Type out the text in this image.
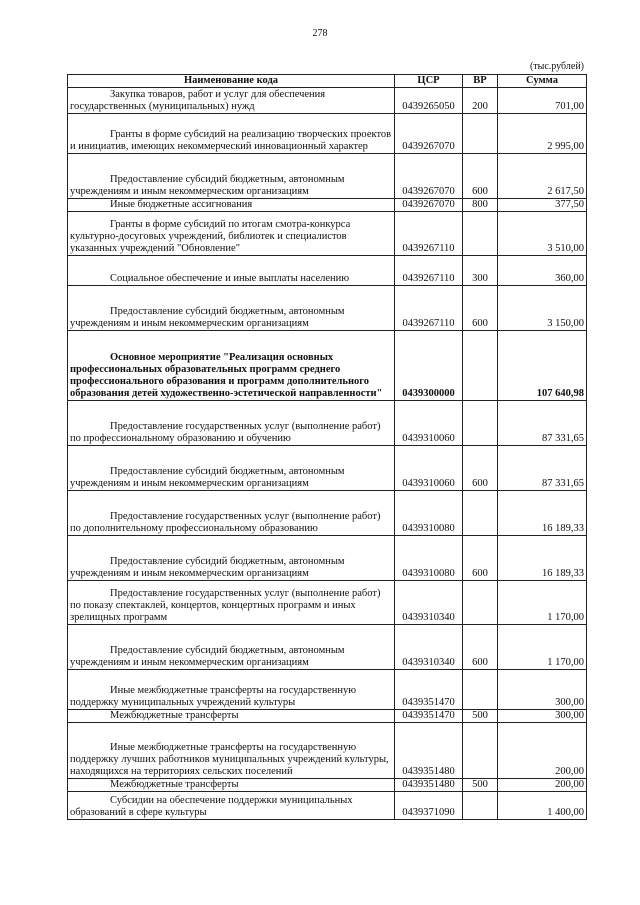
278
(тыс.рублей)
Наименование кода	ЦСР	ВР	Сумма
Закупка товаров, работ и услуг для обеспечения государственных (муниципальных) нужд	0439265050	200	701,00
Гранты в форме субсидий на реализацию творческих проектов и инициатив, имеющих некоммерческий инновационный характер	0439267070		2 995,00
Предоставление субсидий бюджетным, автономным учреждениям и иным некоммерческим организациям	0439267070	600	2 617,50
Иные бюджетные ассигнования	0439267070	800	377,50
Гранты в форме субсидий по итогам смотра-конкурса культурно-досуговых учреждений, библиотек и специалистов указанных учреждений "Обновление"	0439267110		3 510,00
Социальное обеспечение и иные выплаты населению	0439267110	300	360,00
Предоставление субсидий бюджетным, автономным учреждениям и иным некоммерческим организациям	0439267110	600	3 150,00
Основное мероприятие "Реализация основных профессиональных образовательных программ среднего профессионального образования и программ дополнительного образования детей художественно-эстетической направленности"	0439300000		107 640,98
Предоставление государственных услуг (выполнение работ) по профессиональному образованию и обучению	0439310060		87 331,65
Предоставление субсидий бюджетным, автономным учреждениям и иным некоммерческим организациям	0439310060	600	87 331,65
Предоставление государственных услуг (выполнение работ) по дополнительному профессиональному образованию	0439310080		16 189,33
Предоставление субсидий бюджетным, автономным учреждениям и иным некоммерческим организациям	0439310080	600	16 189,33
Предоставление государственных услуг (выполнение работ) по показу спектаклей, концертов, концертных программ и иных зрелищных программ	0439310340		1 170,00
Предоставление субсидий бюджетным, автономным учреждениям и иным некоммерческим организациям	0439310340	600	1 170,00
Иные межбюджетные трансферты на государственную поддержку муниципальных учреждений культуры	0439351470		300,00
Межбюджетные трансферты	0439351470	500	300,00
Иные межбюджетные трансферты на государственную поддержку лучших работников муниципальных учреждений культуры, находящихся на территориях сельских поселений	0439351480		200,00
Межбюджетные трансферты	0439351480	500	200,00
Субсидии на обеспечение поддержки муниципальных образований в сфере культуры	0439371090		1 400,00
